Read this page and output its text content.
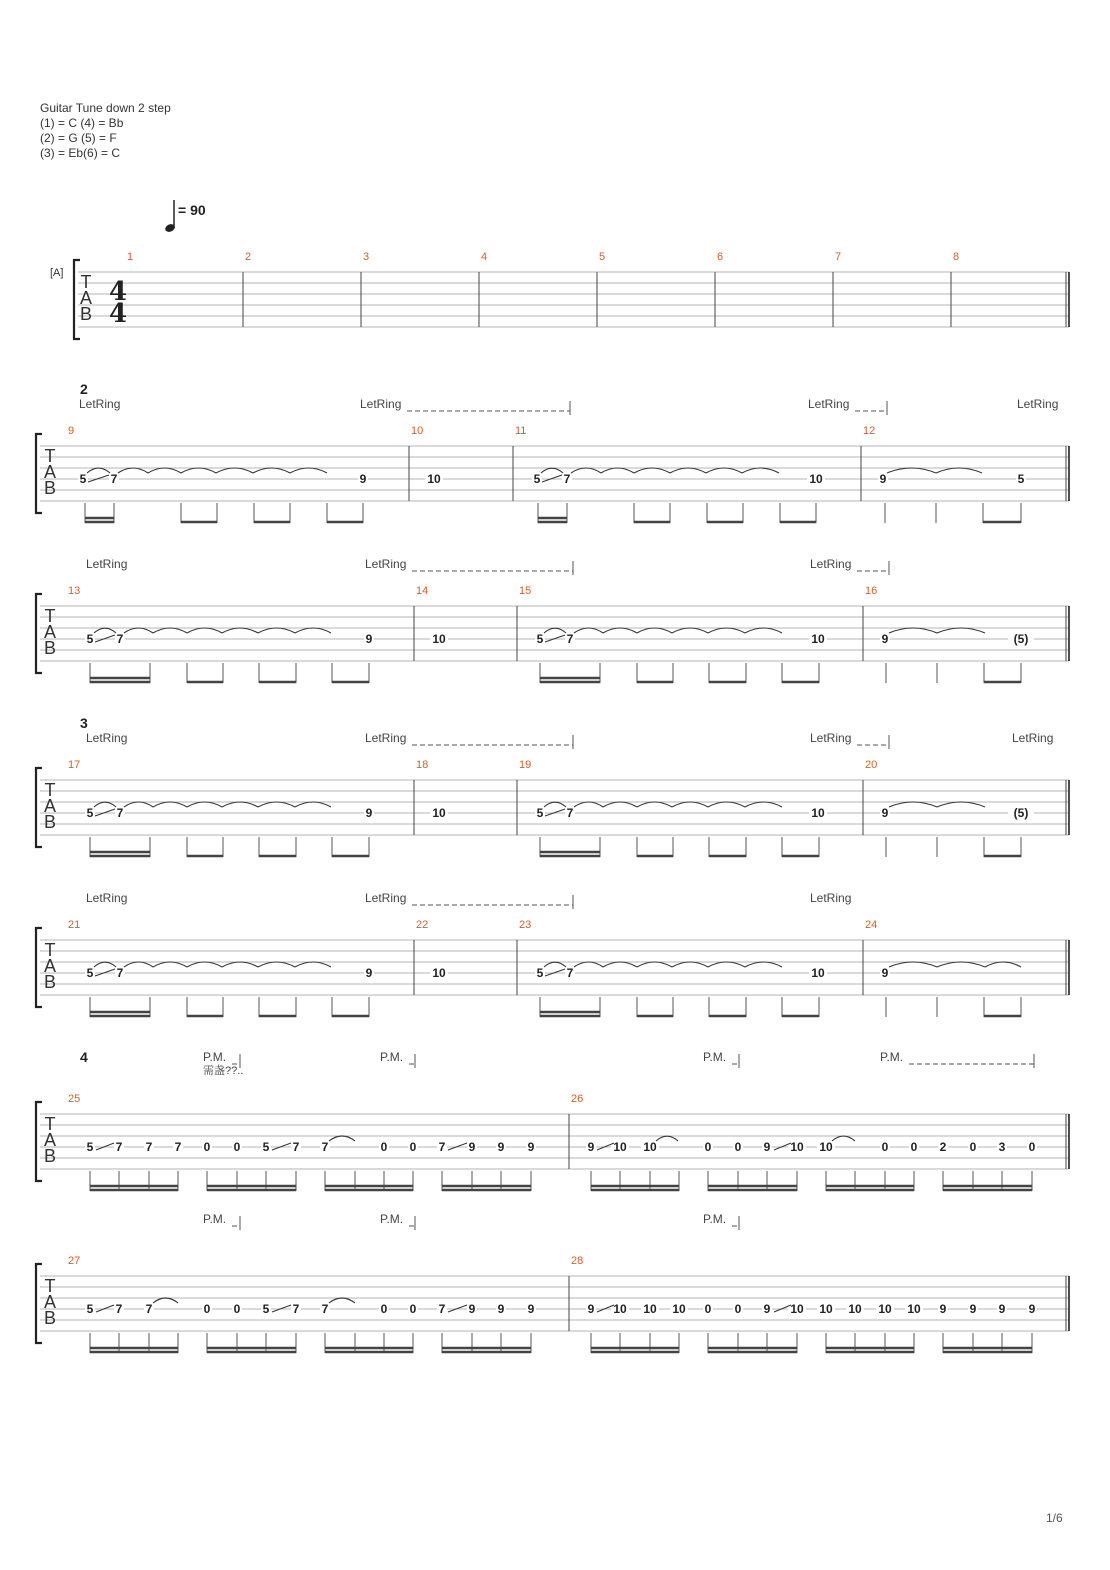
Guitar Tune down 2 step
(1) = C (4) = Bb
(2) = G (5) = F
(3) = Eb(6) = C
= 90
[A] T
A
B
4
4
1	2	3	4	5	6	7	8
T
A
B
9	10	11	12
2
LetRing	LetRing	LetRing	LetRing
5 7	9	10	5 7	10	9	5
T
A
B
13	14	15	16
LetRing	LetRing	LetRing
5 7	9	10	5 7	10	9	(5)
T
A
B
17	18	19	20
3
LetRing	LetRing	LetRing	LetRing
5 7	9	10	5 7	10	9	(5)
T
A
B
21	22	23	24
LetRing	LetRing	LetRing
5 7	9	10	5 7	10	9
T
A
B
25	26
4	P.M.
需盏??..
P.M.	P.M.	P.M.
5 7 7 7 0 0 5 7 7	0 0 7 9 9 9	9 10 10	0 0 9 10 10	0 0 2 0 3 0
T
A
B
27	28
P.M.	P.M.	P.M.
5 7 7	0 0 5 7 7	0 0 7 9 9 9	9 10 10 10 0 0 9 10 10 10 10 10 9 9 9 9
1/6
